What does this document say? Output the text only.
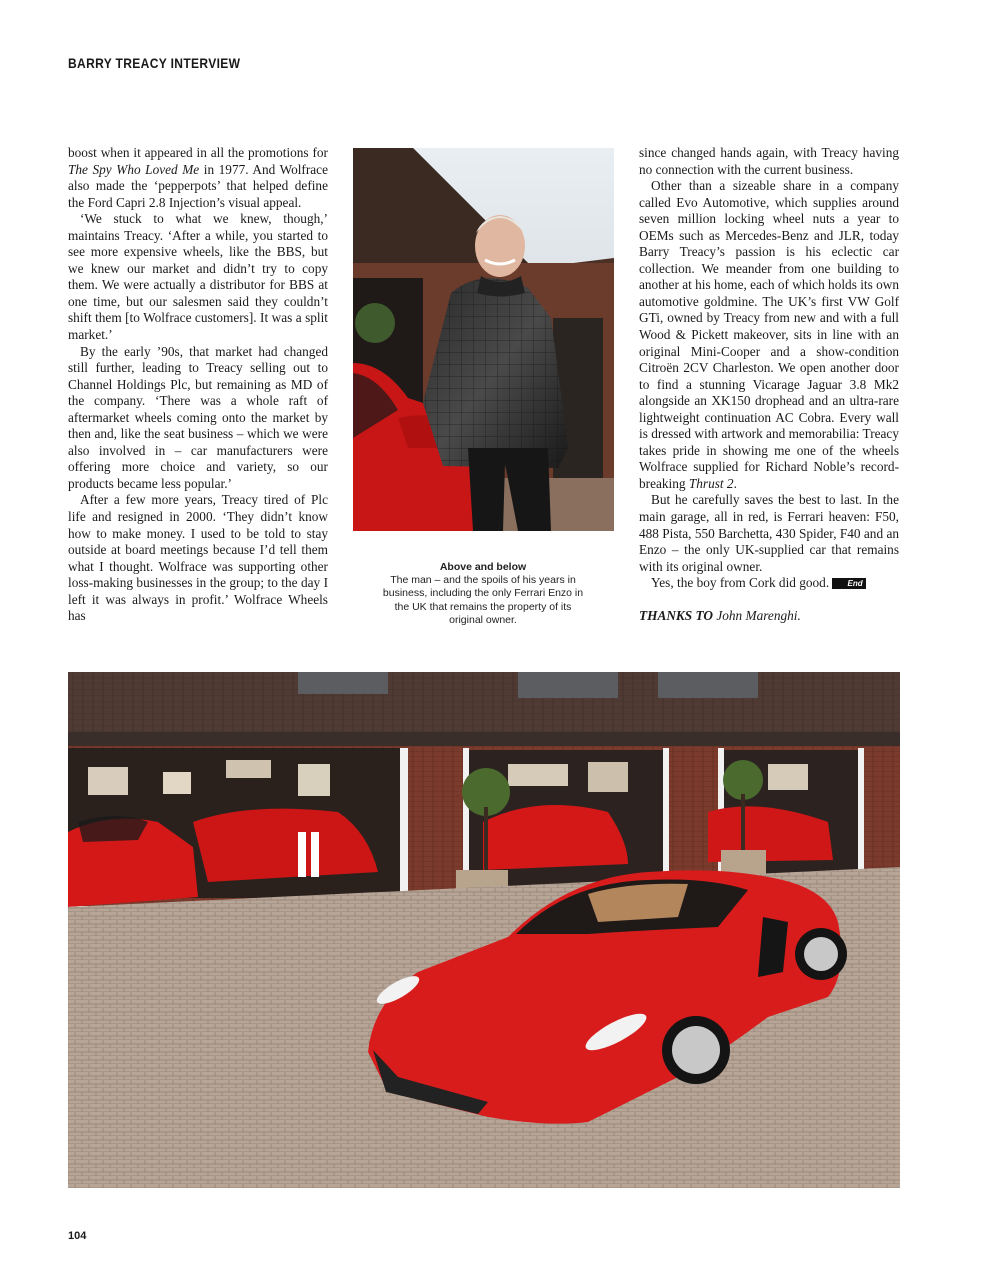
BARRY TREACY INTERVIEW

boost when it appeared in all the promotions for The Spy Who Loved Me in 1977. And Wolfrace also made the ‘pepperpots’ that helped define the Ford Capri 2.8 Injection’s visual appeal.

‘We stuck to what we knew, though,’ maintains Treacy. ‘After a while, you started to see more expensive wheels, like the BBS, but we knew our market and didn’t try to copy them. We were actually a distributor for BBS at one time, but our salesmen said they couldn’t shift them [to Wolfrace customers]. It was a split market.’

By the early ’90s, that market had changed still further, leading to Treacy selling out to Channel Holdings Plc, but remaining as MD of the company. ‘There was a whole raft of aftermarket wheels coming onto the market by then and, like the seat business – which we were also involved in – car manufacturers were offering more choice and variety, so our products became less popular.’

After a few more years, Treacy tired of Plc life and resigned in 2000. ‘They didn’t know how to make money. I used to be told to stay outside at board meetings because I’d tell them what I thought. Wolfrace was supporting other loss-making businesses in the group; to the day I left it was always in profit.’ Wolfrace Wheels has

Above and below
The man – and the spoils of his years in business, including the only Ferrari Enzo in the UK that remains the property of its original owner.

since changed hands again, with Treacy having no connection with the current business.

Other than a sizeable share in a company called Evo Automotive, which supplies around seven million locking wheel nuts a year to OEMs such as Mercedes-Benz and JLR, today Barry Treacy’s passion is his eclectic car collection. We meander from one building to another at his home, each of which holds its own automotive goldmine. The UK’s first VW Golf GTi, owned by Treacy from new and with a full Wood & Pickett makeover, sits in line with an original Mini-Cooper and a show-condition Citroën 2CV Charleston. We open another door to find a stunning Vicarage Jaguar 3.8 Mk2 alongside an XK150 drophead and an ultra-rare lightweight continuation AC Cobra. Every wall is dressed with artwork and memorabilia: Treacy takes pride in showing me one of the wheels Wolfrace supplied for Richard Noble’s record-breaking Thrust 2.

But he carefully saves the best to last. In the main garage, all in red, is Ferrari heaven: F50, 488 Pista, 550 Barchetta, 430 Spider, F40 and an Enzo – the only UK-supplied car that remains with its original owner.

Yes, the boy from Cork did good. End

THANKS TO John Marenghi.

104
